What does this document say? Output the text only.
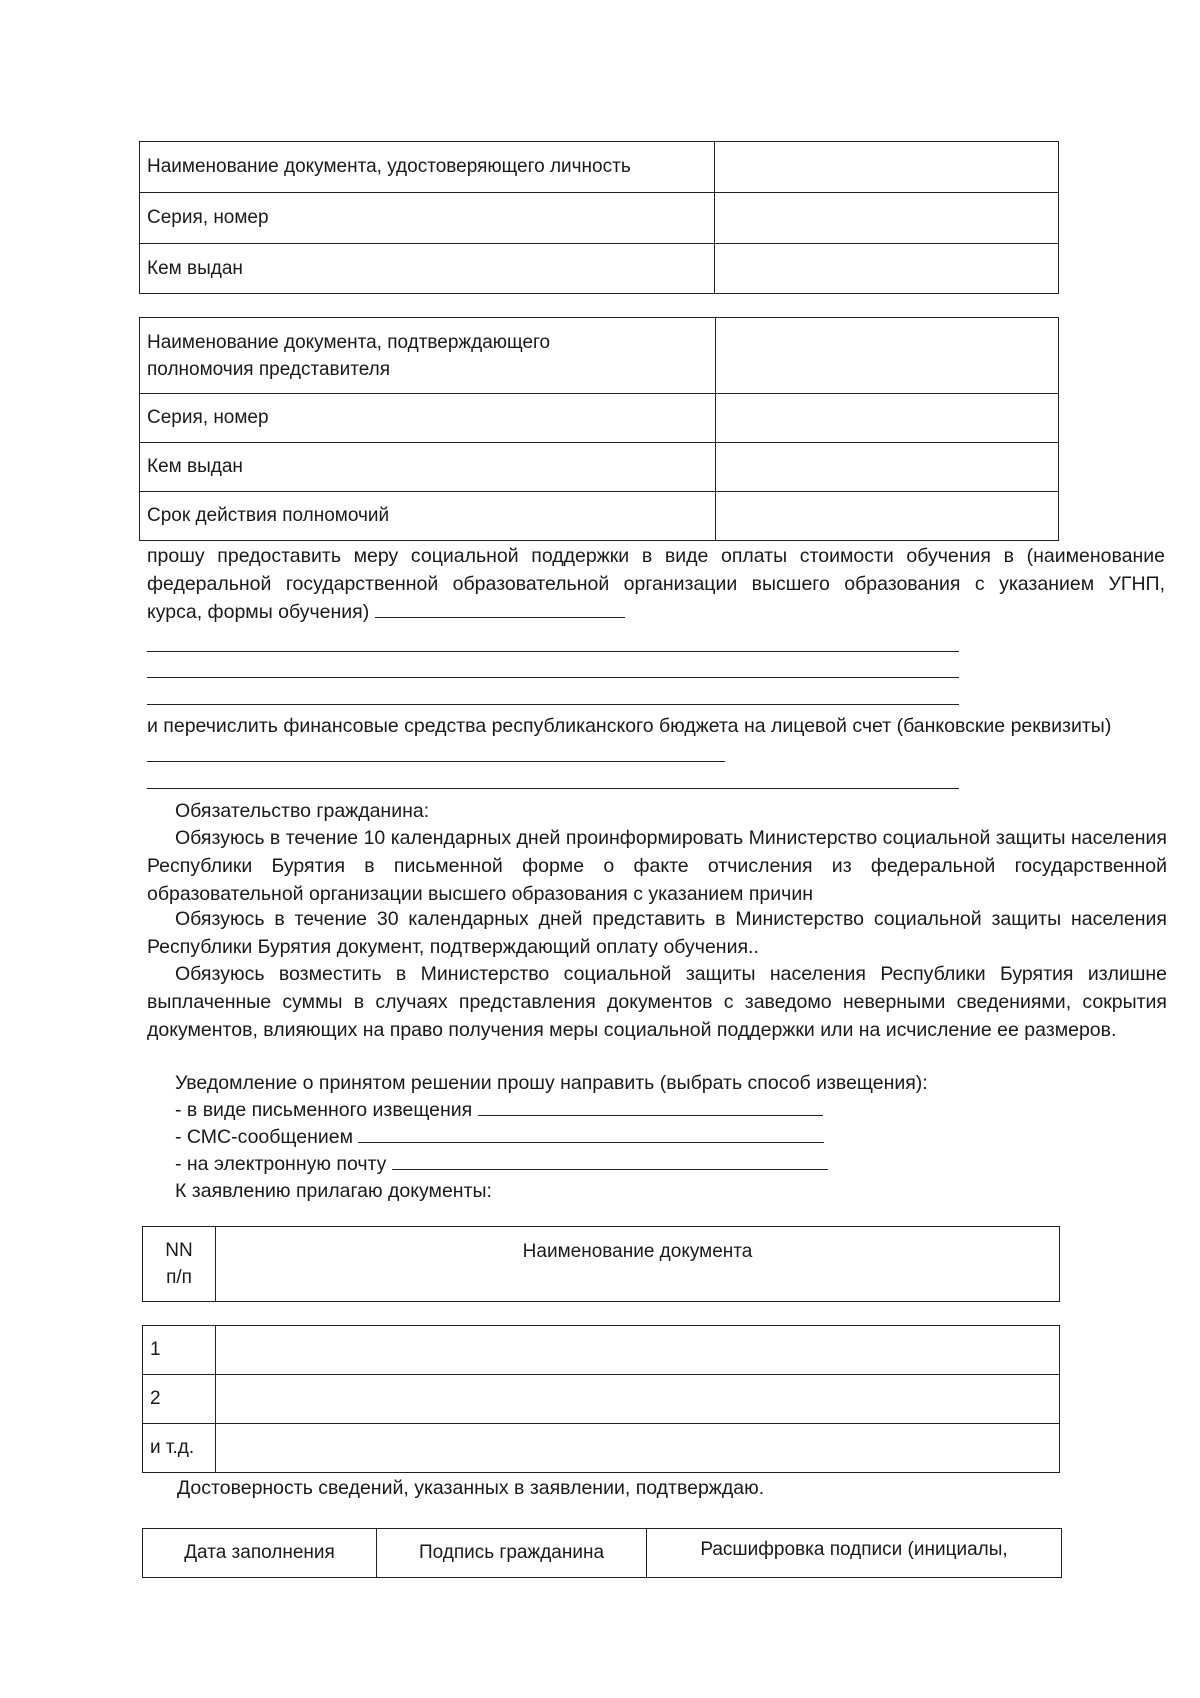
Наименование документа, удостоверяющего личность	
Серия, номер	
Кем выдан	
Наименование документа, подтверждающего
полномочия представителя	

Серия, номер	
Кем выдан	
Срок действия полномочий	
прошу предоставить меру социальной поддержки в виде оплаты стоимости обучения в (наименование
федеральной государственной образовательной организации высшего образования с указанием УГНП,
курса, формы обучения)
и перечислить финансовые средства республиканского бюджета на лицевой счет (банковские реквизиты)
Обязательство гражданина:
Обязуюсь в течение 10 календарных дней проинформировать Министерство социальной защиты населения Республики Бурятия в письменной форме о факте отчисления из федеральной государственной образовательной организации высшего образования с указанием причин
Обязуюсь в течение 30 календарных дней представить в Министерство социальной защиты населения Республики Бурятия документ, подтверждающий оплату обучения..
Обязуюсь возместить в Министерство социальной защиты населения Республики Бурятия излишне выплаченные суммы в случаях представления документов с заведомо неверными сведениями, сокрытия документов, влияющих на право получения меры социальной поддержки или на исчисление ее размеров.
Уведомление о принятом решении прошу направить (выбрать способ извещения):
- в виде письменного извещения
- СМС-сообщением
- на электронную почту
К заявлению прилагаю документы:
NN
п/п
	Наименование документа
1	
2	
и т.д.	
Достоверность сведений, указанных в заявлении, подтверждаю.
Дата заполнения	Подпись гражданина	Расшифровка подписи (инициалы,
